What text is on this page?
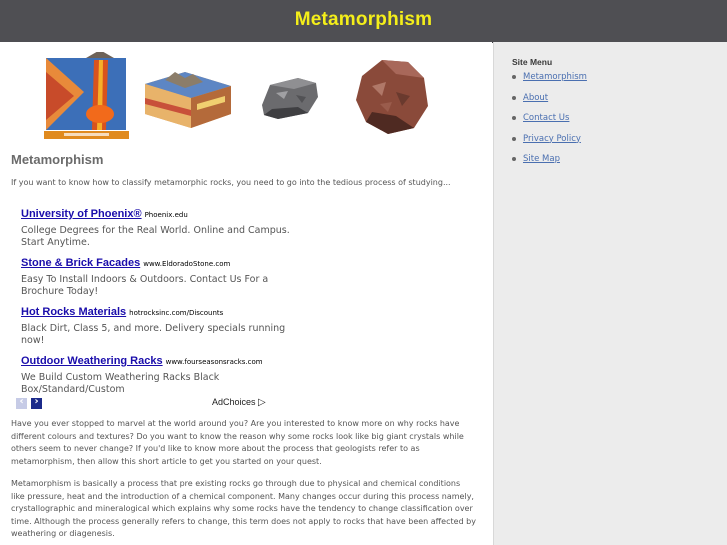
Metamorphism
Metamorphism

If you want to know how to classify metamorphic rocks, you need to go into the tedious process of studying...

University of Phoenix® Phoenix.edu
College Degrees for the Real World. Online and Campus. Start Anytime.
Stone & Brick Facades www.EldoradoStone.com
Easy To Install Indoors & Outdoors. Contact Us For a Brochure Today!
Hot Rocks Materials hotrocksinc.com/Discounts
Black Dirt, Class 5, and more. Delivery specials running now!
Outdoor Weathering Racks www.fourseasonsracks.com
We Build Custom Weathering Racks Black Box/Standard/Custom
‹	›	AdChoices ▷

Have you ever stopped to marvel at the world around you? Are you interested to know more on why rocks have different colours and textures? Do you want to know the reason why some rocks look like big giant crystals while others seem to never change? If you'd like to know more about the process that geologists refer to as metamorphism, then allow this short article to get you started on your quest.

Metamorphism is basically a process that pre existing rocks go through due to physical and chemical conditions like pressure, heat and the introduction of a chemical component. Many changes occur during this process namely, crystallographic and mineralogical which explains why some rocks have the tendency to change classification over time. Although the process generally refers to change, this term does not apply to rocks that have been affected by weathering or diagenesis.

Site Menu
Metamorphism
About
Contact Us
Privacy Policy
Site Map
